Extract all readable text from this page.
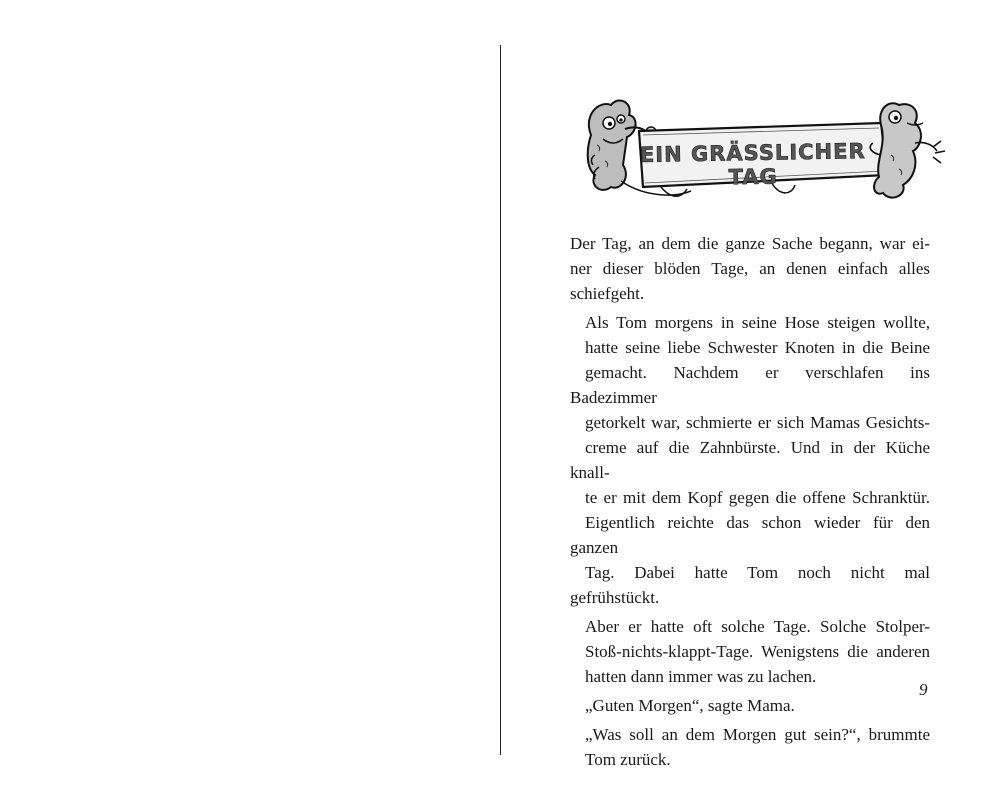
EIN GRÄSSLICHER TAG

Der Tag, an dem die ganze Sache begann, war ei-
ner dieser blöden Tage, an denen einfach alles
schiefgeht.

Als Tom morgens in seine Hose steigen wollte,
hatte seine liebe Schwester Knoten in die Beine
gemacht. Nachdem er verschlafen ins Badezimmer
getorkelt war, schmierte er sich Mamas Gesichts-
creme auf die Zahnbürste. Und in der Küche knall-
te er mit dem Kopf gegen die offene Schranktür.
Eigentlich reichte das schon wieder für den ganzen
Tag. Dabei hatte Tom noch nicht mal gefrühstückt.

Aber er hatte oft solche Tage. Solche Stolper-
Stoß-nichts-klappt-Tage. Wenigstens die anderen
hatten dann immer was zu lachen.

„Guten Morgen“, sagte Mama.

„Was soll an dem Morgen gut sein?“, brummte
Tom zurück.

9
